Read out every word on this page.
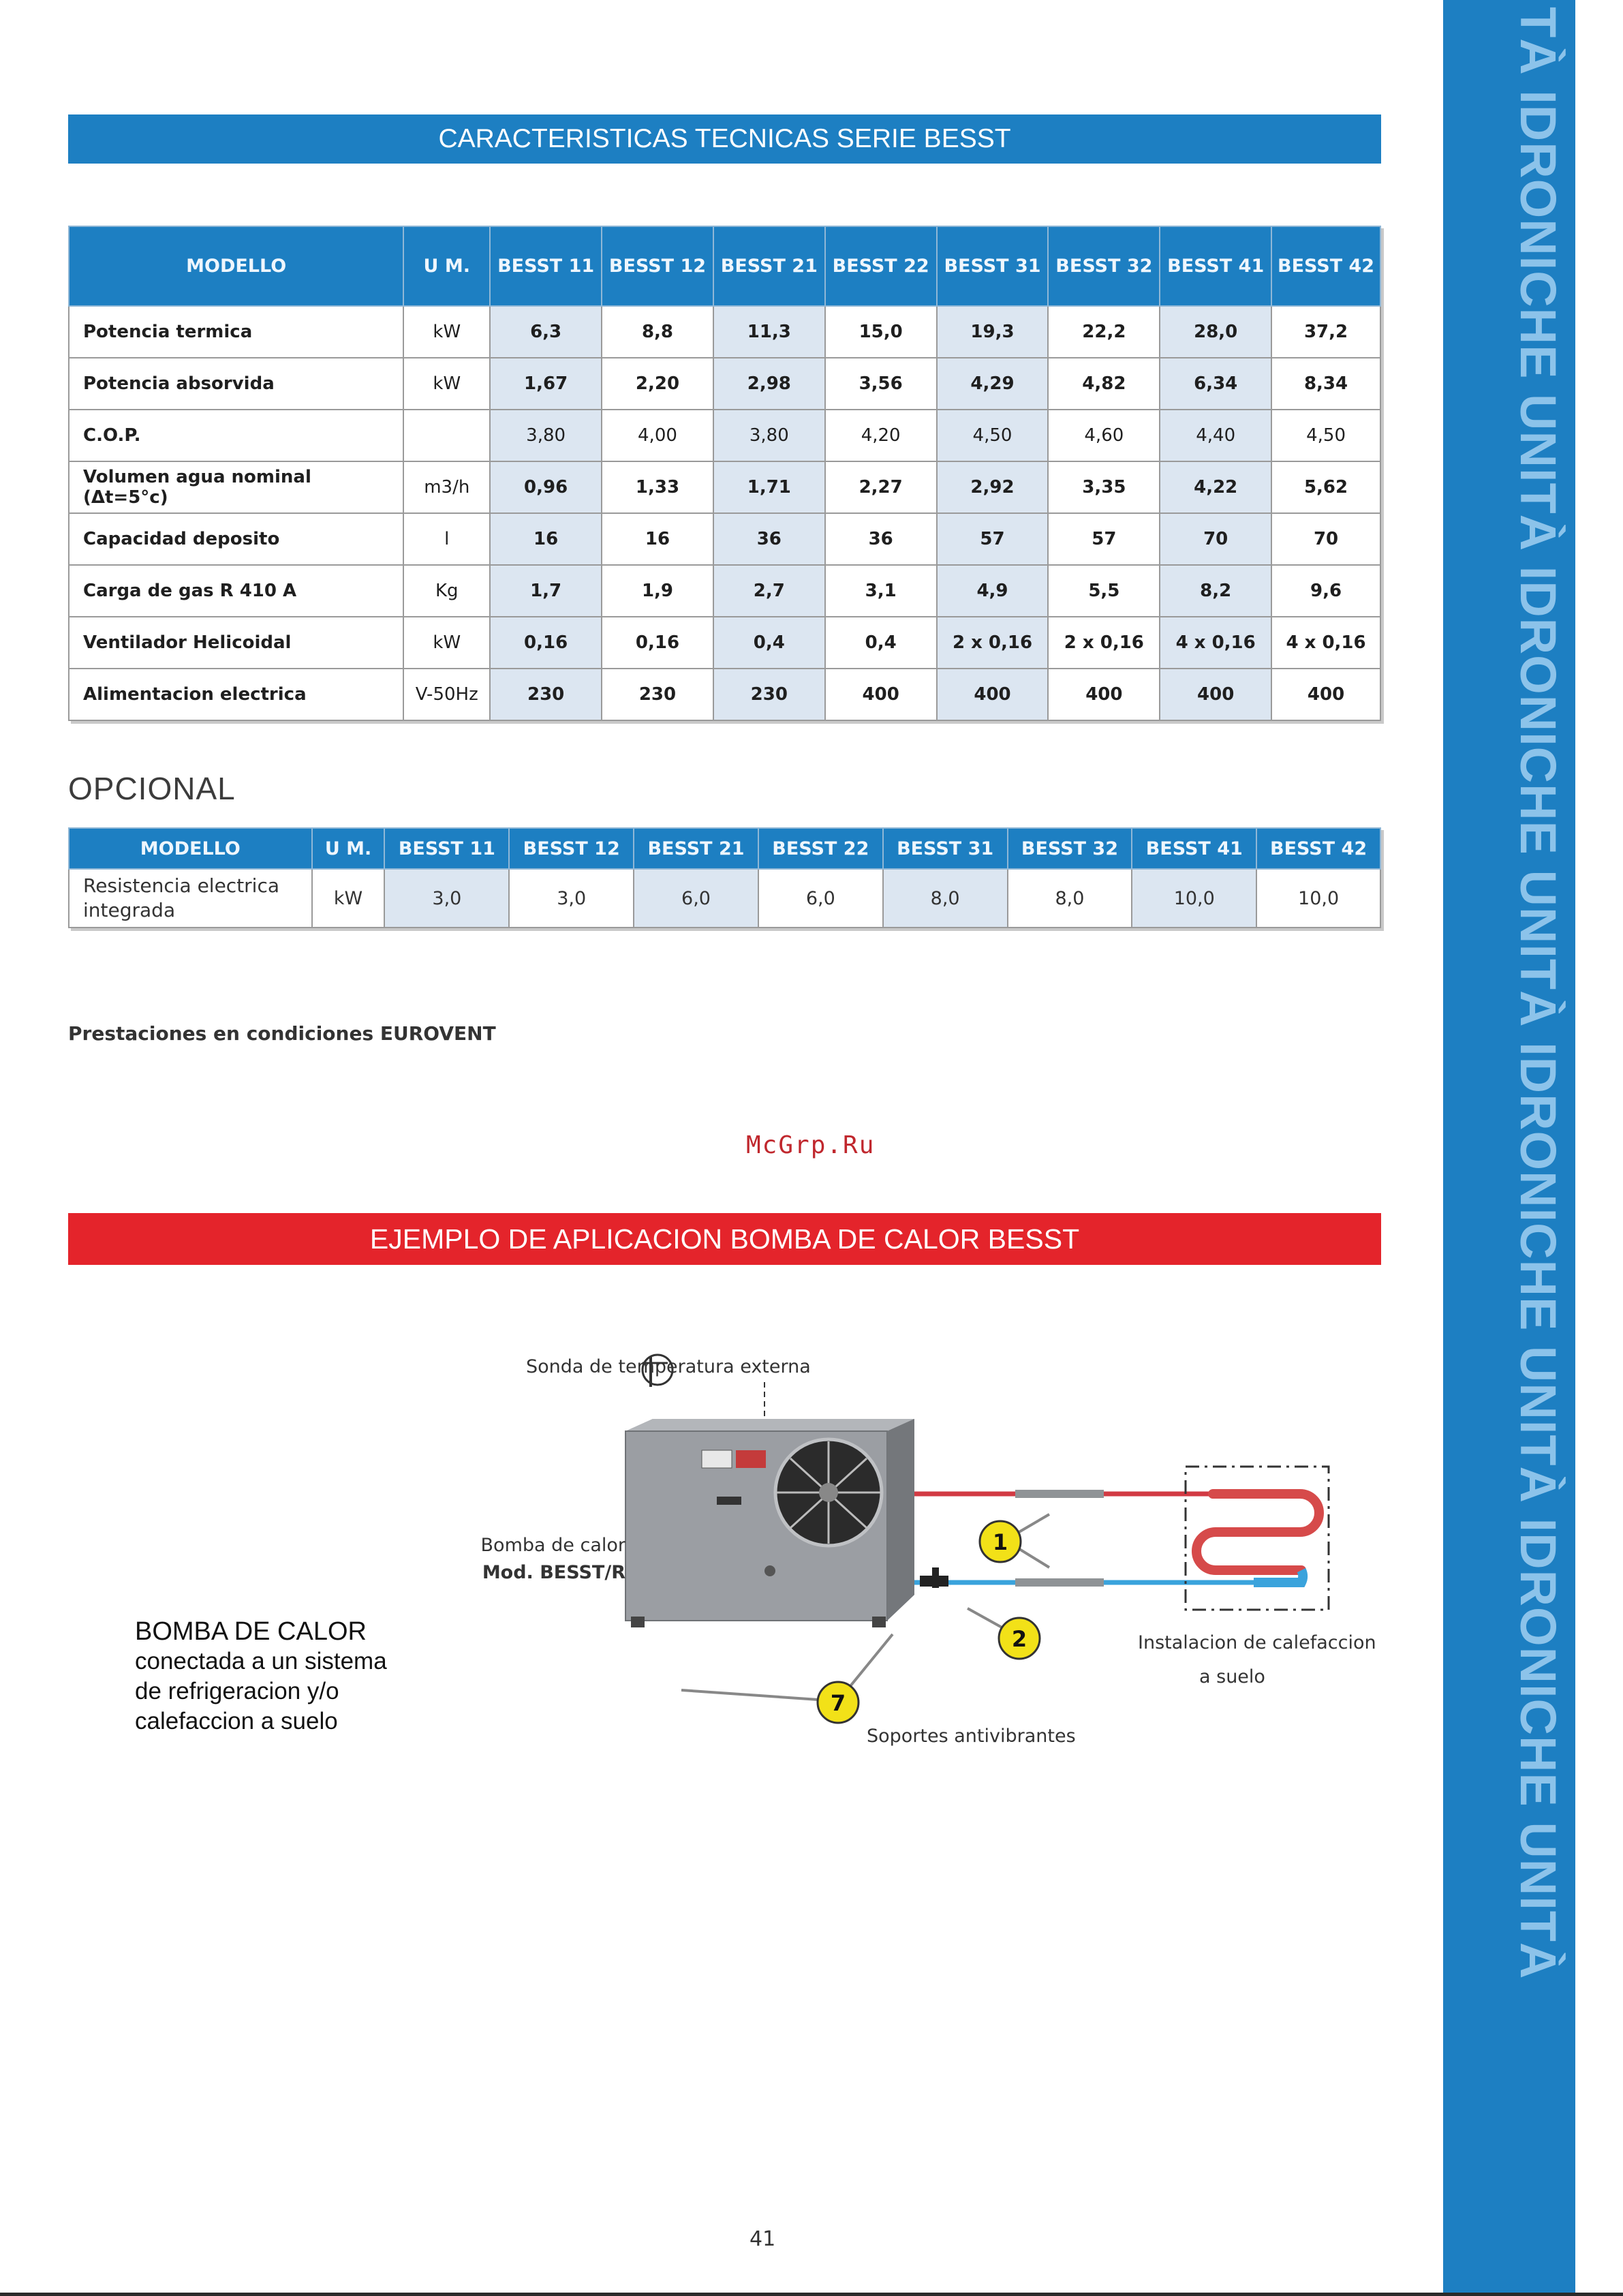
TÀ IDRONICHE UNITÀ IDRONICHE UNITÀ IDRONICHE UNITÀ IDRONICHE UNITÀ
CARACTERISTICAS TECNICAS SERIE BESST
MODELLO	U M.	BESST 11	BESST 12	BESST 21	BESST 22	BESST 31	BESST 32	BESST 41	BESST 42
Potencia termica	kW	6,3	8,8	11,3	15,0	19,3	22,2	28,0	37,2
Potencia absorvida	kW	1,67	2,20	2,98	3,56	4,29	4,82	6,34	8,34
C.O.P.		3,80	4,00	3,80	4,20	4,50	4,60	4,40	4,50
Volumen agua nominal (Δt=5°c)	m3/h	0,96	1,33	1,71	2,27	2,92	3,35	4,22	5,62
Capacidad deposito	l	16	16	36	36	57	57	70	70
Carga de gas R 410 A	Kg	1,7	1,9	2,7	3,1	4,9	5,5	8,2	9,6
Ventilador Helicoidal	kW	0,16	0,16	0,4	0,4	2 x 0,16	2 x 0,16	4 x 0,16	4 x 0,16
Alimentacion electrica	V-50Hz	230	230	230	400	400	400	400	400
OPCIONAL
MODELLO	U M.	BESST 11	BESST 12	BESST 21	BESST 22	BESST 31	BESST 32	BESST 41	BESST 42
Resistencia electrica integrada	kW	3,0	3,0	6,0	6,0	8,0	8,0	10,0	10,0
Prestaciones en condiciones EUROVENT
McGrp.Ru
EJEMPLO DE APLICACION BOMBA DE CALOR BESST
1
2
7
Sonda de temperatura externa
Bomba de calor
Mod. BESST/R
Instalacion de calefaccion
a suelo
Soportes antivibrantes
BOMBA DE CALOR
conectada a un sistema
de refrigeracion y/o
calefaccion a suelo
41
